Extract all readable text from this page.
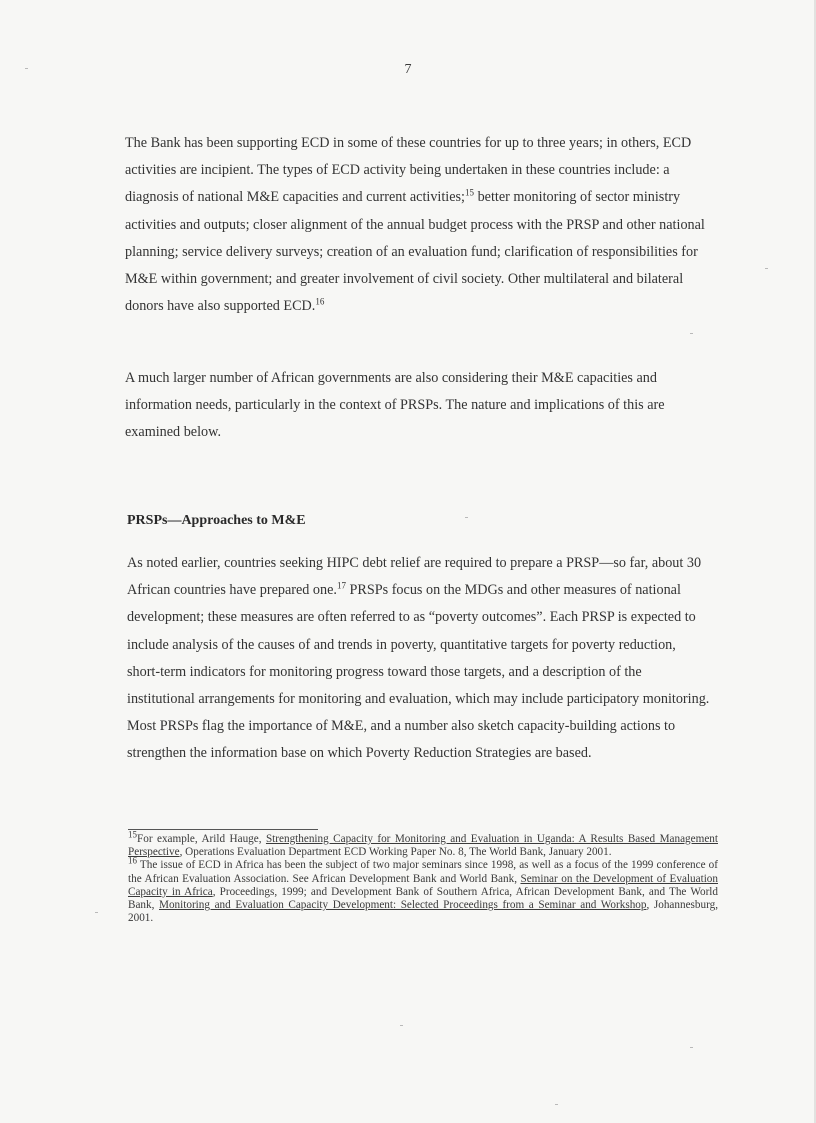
7

The Bank has been supporting ECD in some of these countries for up to three years; in others, ECD activities are incipient. The types of ECD activity being undertaken in these countries include: a diagnosis of national M&E capacities and current activities;$^{15}$ better monitoring of sector ministry activities and outputs; closer alignment of the annual budget process with the PRSP and other national planning; service delivery surveys; creation of an evaluation fund; clarification of responsibilities for M&E within government; and greater involvement of civil society. Other multilateral and bilateral donors have also supported ECD.$^{16}$

A much larger number of African governments are also considering their M&E capacities and information needs, particularly in the context of PRSPs. The nature and implications of this are examined below.

PRSPs—Approaches to M&E

As noted earlier, countries seeking HIPC debt relief are required to prepare a PRSP—so far, about 30 African countries have prepared one.$^{17}$ PRSPs focus on the MDGs and other measures of national development; these measures are often referred to as “poverty outcomes”. Each PRSP is expected to include analysis of the causes of and trends in poverty, quantitative targets for poverty reduction, short-term indicators for monitoring progress toward those targets, and a description of the institutional arrangements for monitoring and evaluation, which may include participatory monitoring. Most PRSPs flag the importance of M&E, and a number also sketch capacity-building actions to strengthen the information base on which Poverty Reduction Strategies are based.

$^{15}$For example, Arild Hauge, Strengthening Capacity for Monitoring and Evaluation in Uganda: A Results Based Management Perspective, Operations Evaluation Department ECD Working Paper No. 8, The World Bank, January 2001.

$^{16}$ The issue of ECD in Africa has been the subject of two major seminars since 1998, as well as a focus of the 1999 conference of the African Evaluation Association. See African Development Bank and World Bank, Seminar on the Development of Evaluation Capacity in Africa, Proceedings, 1999; and Development Bank of Southern Africa, African Development Bank, and The World Bank, Monitoring and Evaluation Capacity Development: Selected Proceedings from a Seminar and Workshop, Johannesburg, 2001.
